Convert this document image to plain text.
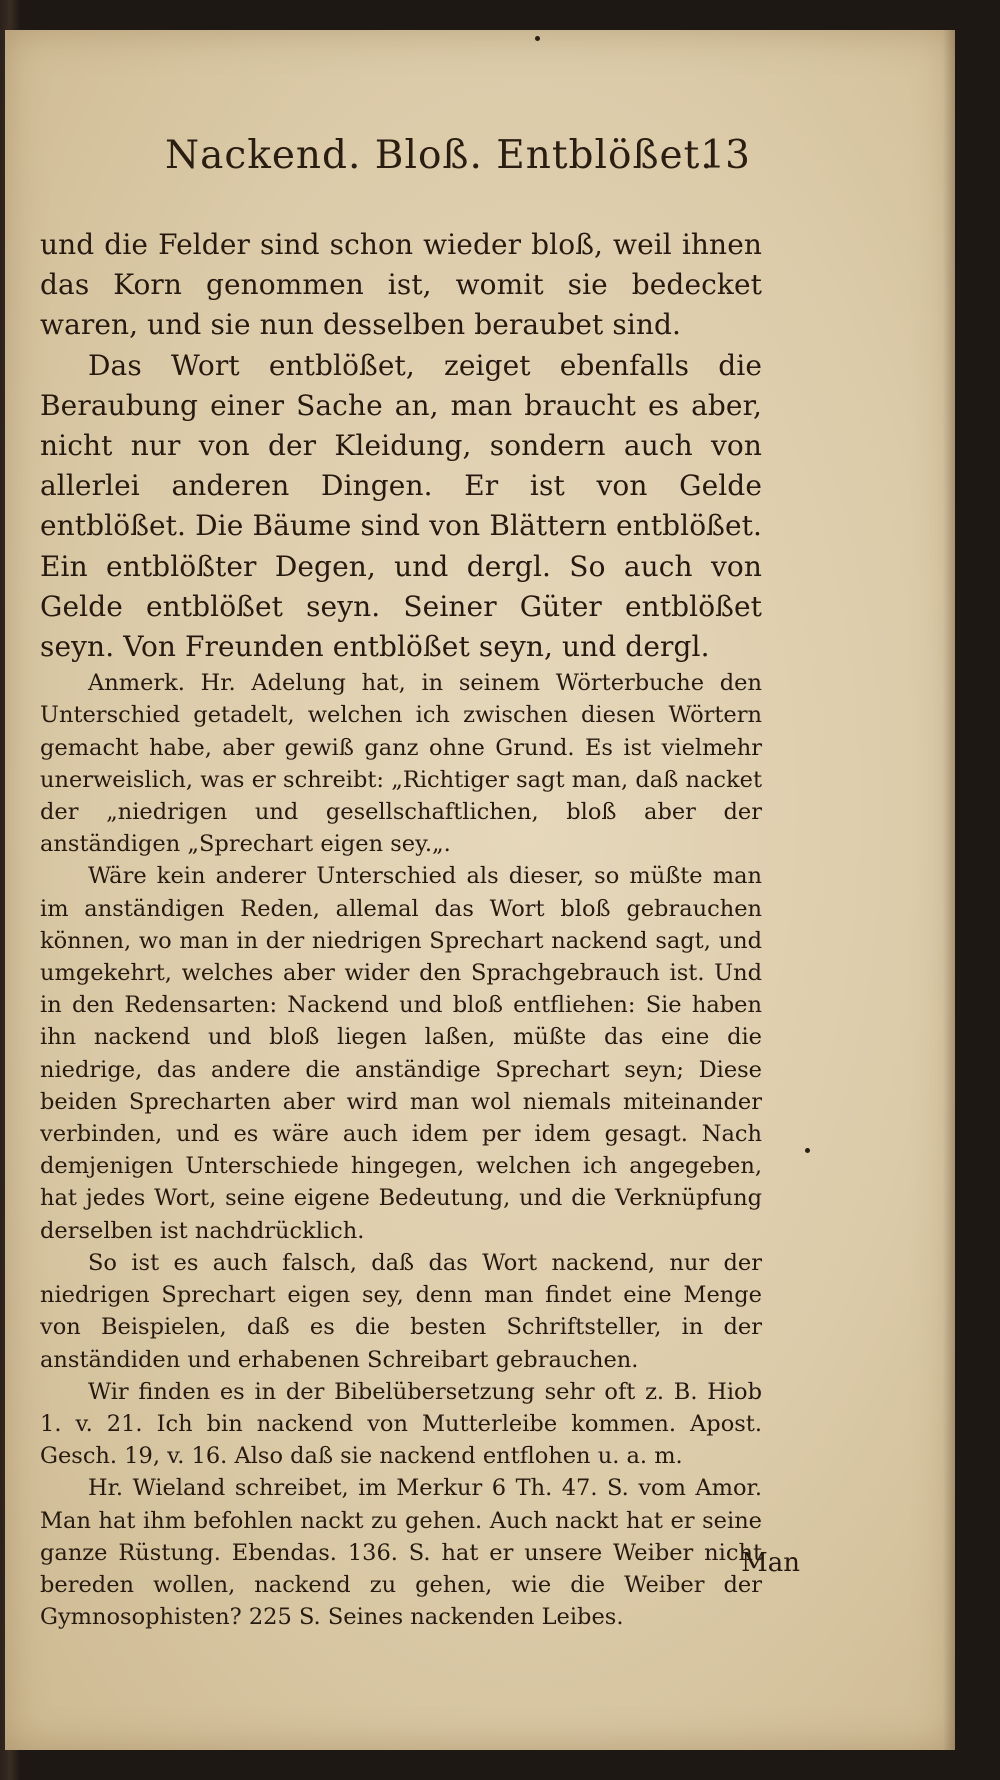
Nackend. Bloß. Entblößet.
13

und die Felder sind schon wieder bloß, weil ihnen das Korn genommen ist, womit sie bedecket waren, und sie nun desselben beraubet sind.

Das Wort entblößet, zeiget ebenfalls die Beraubung einer Sache an, man braucht es aber, nicht nur von der Kleidung, sondern auch von allerlei anderen Dingen. Er ist von Gelde entblößet. Die Bäume sind von Blättern entblößet. Ein entblößter Degen, und dergl. So auch von Gelde entblößet seyn. Seiner Güter entblößet seyn. Von Freunden entblößet seyn, und dergl.

Anmerk. Hr. Adelung hat, in seinem Wörterbuche den Unterschied getadelt, welchen ich zwischen diesen Wörtern gemacht habe, aber gewiß ganz ohne Grund. Es ist vielmehr unerweislich, was er schreibt: „Richtiger sagt man, daß nacket der „niedrigen und gesellschaftlichen, bloß aber der anständigen „Sprechart eigen sey.„.

Wäre kein anderer Unterschied als dieser, so müßte man im anständigen Reden, allemal das Wort bloß gebrauchen können, wo man in der niedrigen Sprechart nackend sagt, und umgekehrt, welches aber wider den Sprachgebrauch ist. Und in den Redensarten: Nackend und bloß entfliehen: Sie haben ihn nackend und bloß liegen laßen, müßte das eine die niedrige, das andere die anständige Sprechart seyn; Diese beiden Sprecharten aber wird man wol niemals miteinander verbinden, und es wäre auch idem per idem gesagt. Nach demjenigen Unterschiede hingegen, welchen ich angegeben, hat jedes Wort, seine eigene Bedeutung, und die Verknüpfung derselben ist nachdrücklich.

So ist es auch falsch, daß das Wort nackend, nur der niedrigen Sprechart eigen sey, denn man findet eine Menge von Beispielen, daß es die besten Schriftsteller, in der anständiden und erhabenen Schreibart gebrauchen.

Wir finden es in der Bibelübersetzung sehr oft z. B. Hiob 1. v. 21. Ich bin nackend von Mutterleibe kommen. Apost. Gesch. 19, v. 16. Also daß sie nackend entflohen u. a. m.

Hr. Wieland schreibet, im Merkur 6 Th. 47. S. vom Amor. Man hat ihm befohlen nackt zu gehen. Auch nackt hat er seine ganze Rüstung. Ebendas. 136. S. hat er unsere Weiber nicht bereden wollen, nackend zu gehen, wie die Weiber der Gymnosophisten? 225 S. Seines nackenden Leibes.

Man
